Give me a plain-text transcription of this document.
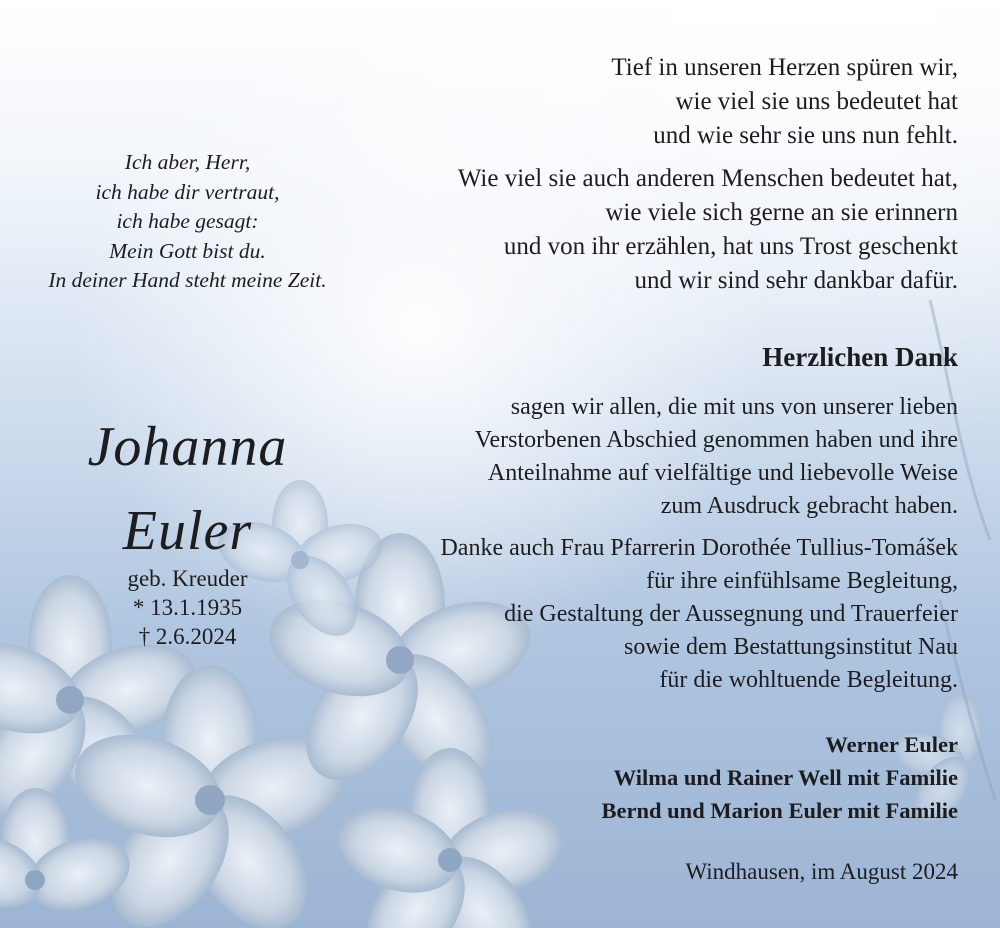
Tief in unseren Herzen spüren wir,
wie viel sie uns bedeutet hat
und wie sehr sie uns nun fehlt.
Wie viel sie auch anderen Menschen bedeutet hat,
wie viele sich gerne an sie erinnern
und von ihr erzählen, hat uns Trost geschenkt
und wir sind sehr dankbar dafür.
Ich aber, Herr,
ich habe dir vertraut,
ich habe gesagt:
Mein Gott bist du.
In deiner Hand steht meine Zeit.
Johanna
Euler
geb. Kreuder
* 13.1.1935
† 2.6.2024
Herzlichen Dank
sagen wir allen, die mit uns von unserer lieben
Verstorbenen Abschied genommen haben und ihre
Anteilnahme auf vielfältige und liebevolle Weise
zum Ausdruck gebracht haben.
Danke auch Frau Pfarrerin Dorothée Tullius-Tomášek
für ihre einfühlsame Begleitung,
die Gestaltung der Aussegnung und Trauerfeier
sowie dem Bestattungsinstitut Nau
für die wohltuende Begleitung.
Werner Euler
Wilma und Rainer Well mit Familie
Bernd und Marion Euler mit Familie
Windhausen, im August 2024
